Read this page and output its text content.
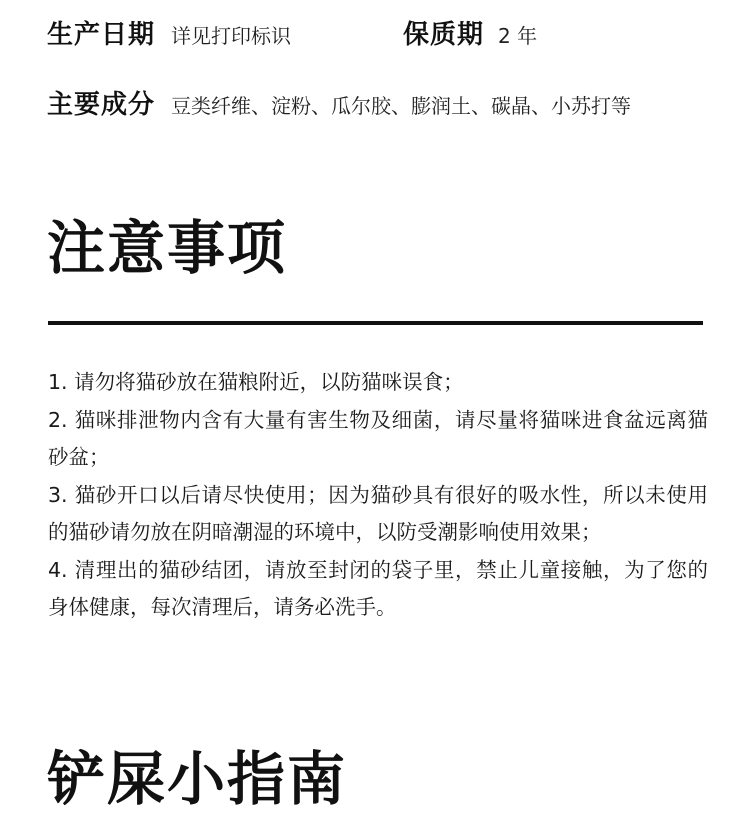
生产日期 详见打印标识	保质期 2 年
主要成分 豆类纤维、淀粉、瓜尔胶、膨润土、碳晶、小苏打等
注意事项

1. 请勿将猫砂放在猫粮附近，以防猫咪误食；

2. 猫咪排泄物内含有大量有害生物及细菌，请尽量将猫咪进食盆远离猫砂盆；

3. 猫砂开口以后请尽快使用；因为猫砂具有很好的吸水性，所以未使用的猫砂请勿放在阴暗潮湿的环境中，以防受潮影响使用效果；

4. 清理出的猫砂结团，请放至封闭的袋子里，禁止儿童接触，为了您的身体健康，每次清理后，请务必洗手。

铲屎小指南
